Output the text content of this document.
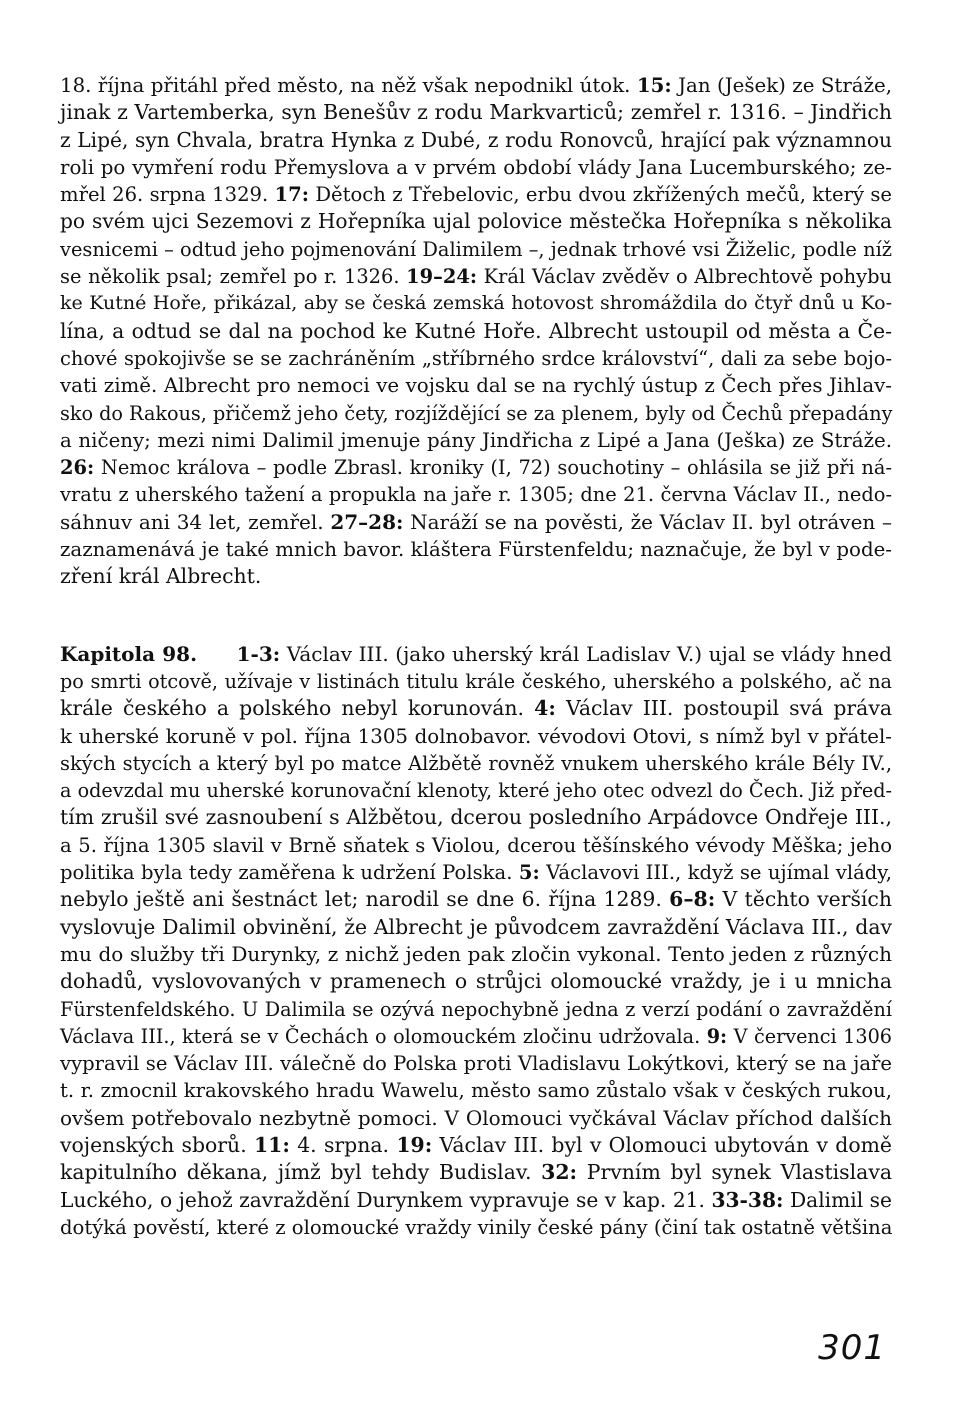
18. října přitáhl před město, na něž však nepodnikl útok. 15: Jan (Ješek) ze Stráže,
jinak z Vartemberka, syn Benešův z rodu Markvarticů; zemřel r. 1316. – Jindřich
z Lipé, syn Chvala, bratra Hynka z Dubé, z rodu Ronovců, hrající pak významnou
roli po vymření rodu Přemyslova a v prvém období vlády Jana Lucemburského; ze‑
mřel 26. srpna 1329. 17: Dětoch z Třebelovic, erbu dvou zkřížených mečů, který se
po svém ujci Sezemovi z Hořepníka ujal polovice městečka Hořepníka s několika
vesnicemi – odtud jeho pojmenování Dalimilem –, jednak trhové vsi Žiželic, podle níž
se několik psal; zemřel po r. 1326. 19–24: Král Václav zvěděv o Albrechtově pohybu
ke Kutné Hoře, přikázal, aby se česká zemská hotovost shromáždila do čtyř dnů u Ko‑
lína, a odtud se dal na pochod ke Kutné Hoře. Albrecht ustoupil od města a Če‑
chové spokojivše se se zachráněním „stříbrného srdce království“, dali za sebe bojo‑
vati zimě. Albrecht pro nemoci ve vojsku dal se na rychlý ústup z Čech přes Jihlav‑
sko do Rakous, přičemž jeho čety, rozjíždějící se za plenem, byly od Čechů přepadány
a ničeny; mezi nimi Dalimil jmenuje pány Jindřicha z Lipé a Jana (Ješka) ze Stráže.
26: Nemoc králova – podle Zbrasl. kroniky (I, 72) souchotiny – ohlásila se již při ná‑
vratu z uherského tažení a propukla na jaře r. 1305; dne 21. června Václav II., nedo‑
sáhnuv ani 34 let, zemřel. 27–28: Naráží se na pověsti, že Václav II. byl otráven –
zaznamenává je také mnich bavor. kláštera Fürstenfeldu; naznačuje, že byl v pode‑
zření král Albrecht.
Kapitola 98. 1-3: Václav III. (jako uherský král Ladislav V.) ujal se vlády hned
po smrti otcově, užívaje v listinách titulu krále českého, uherského a polského, ač na
krále českého a polského nebyl korunován. 4: Václav III. postoupil svá práva
k uherské koruně v pol. října 1305 dolnobavor. vévodovi Otovi, s nímž byl v přátel‑
ských stycích a který byl po matce Alžbětě rovněž vnukem uherského krále Bély IV.,
a odevzdal mu uherské korunovační klenoty, které jeho otec odvezl do Čech. Již před‑
tím zrušil své zasnoubení s Alžbětou, dcerou posledního Arpádovce Ondřeje III.,
a 5. října 1305 slavil v Brně sňatek s Violou, dcerou těšínského vévody Měška; jeho
politika byla tedy zaměřena k udržení Polska. 5: Václavovi III., když se ujímal vlády,
nebylo ještě ani šestnáct let; narodil se dne 6. října 1289. 6–8: V těchto verších
vyslovuje Dalimil obvinění, že Albrecht je původcem zavraždění Václava III., dav
mu do služby tři Durynky, z nichž jeden pak zločin vykonal. Tento jeden z různých
dohadů, vyslovovaných v pramenech o strůjci olomoucké vraždy, je i u mnicha
Fürstenfeldského. U Dalimila se ozývá nepochybně jedna z verzí podání o zavraždění
Václava III., která se v Čechách o olomouckém zločinu udržovala. 9: V červenci 1306
vypravil se Václav III. válečně do Polska proti Vladislavu Lokýtkovi, který se na jaře
t. r. zmocnil krakovského hradu Wawelu, město samo zůstalo však v českých rukou,
ovšem potřebovalo nezbytně pomoci. V Olomouci vyčkával Václav příchod dalších
vojenských sborů. 11: 4. srpna. 19: Václav III. byl v Olomouci ubytován v domě
kapitulního děkana, jímž byl tehdy Budislav. 32: Prvním byl synek Vlastislava
Luckého, o jehož zavraždění Durynkem vypravuje se v kap. 21. 33-38: Dalimil se
dotýká pověstí, které z olomoucké vraždy vinily české pány (činí tak ostatně většina
301
